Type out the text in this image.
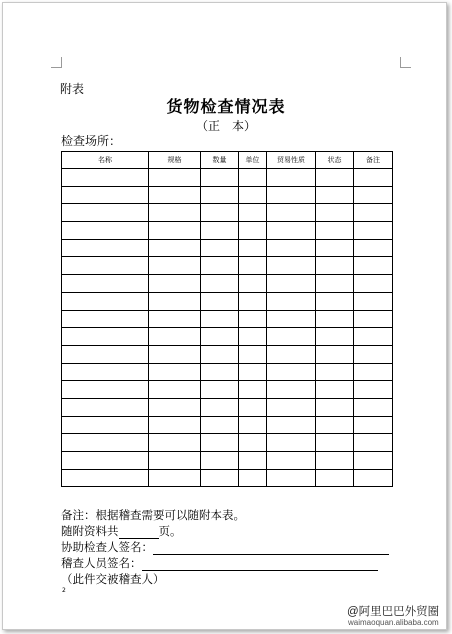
附表
货物检查情况表
（正　本）
检查场所：
名称	规格	数量	单位	贸易性质	状态	备注

备注：根据稽查需要可以随附本表。
随附资料共	页。
协助检查人签名：
稽查人员签名：
（此件交被稽查人）
2
@阿里巴巴外贸圈
waimaoquan.alibaba.com
